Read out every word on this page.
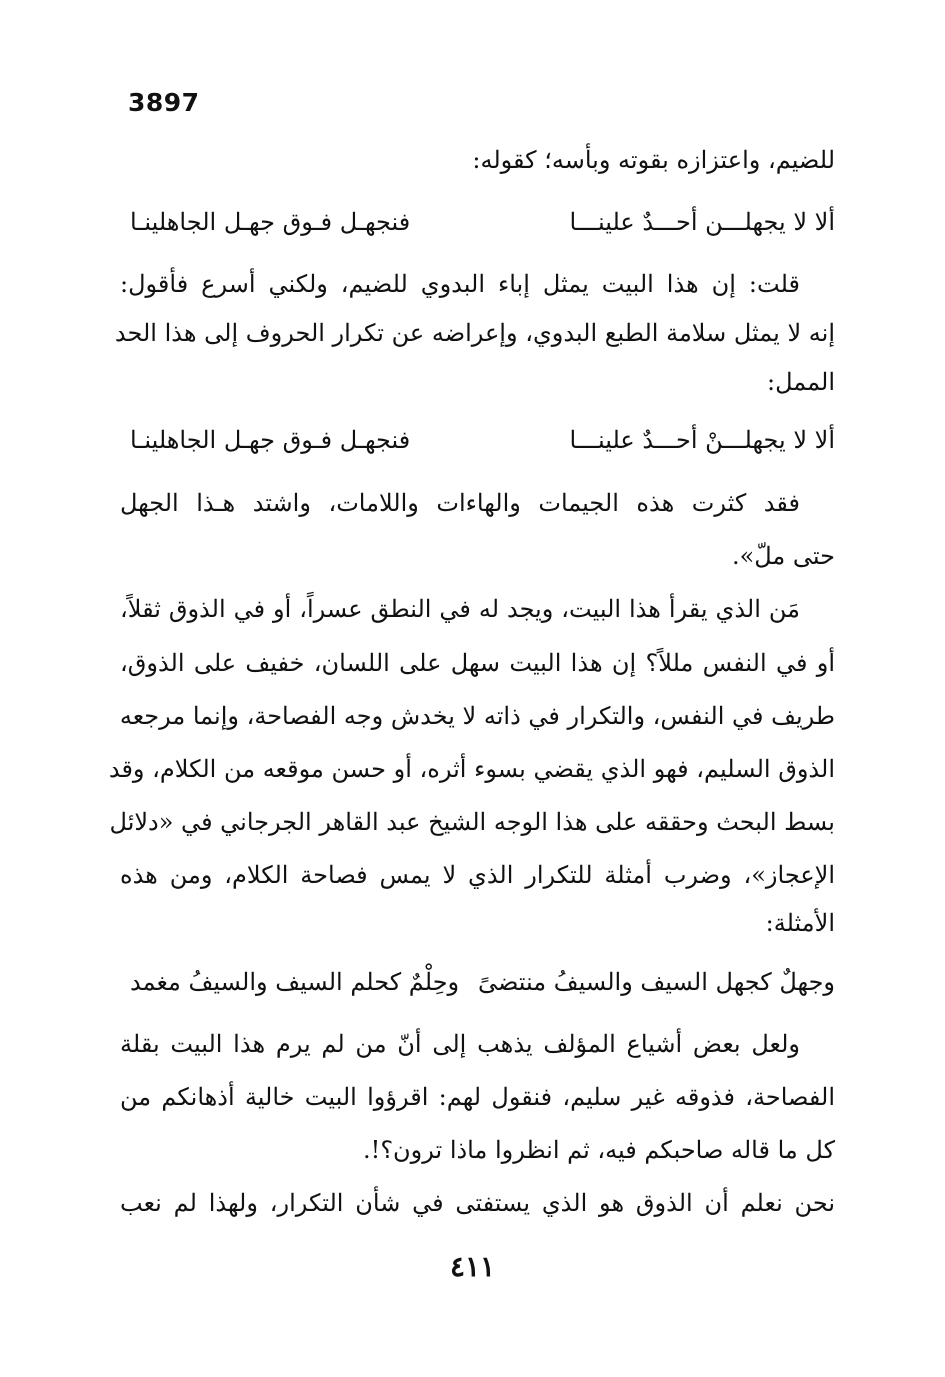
3897
للضيم، واعتزازه بقوته وبأسه؛ كقوله:
ألا لا يجهلـــن أحـــدٌ علينـــا
فنجهـل فـوق جهـل الجاهلينـا
قلت: إن هذا البيت يمثل إباء البدوي للضيم، ولكني أسرع فأقول:
إنه لا يمثل سلامة الطبع البدوي، وإعراضه عن تكرار الحروف إلى هذا الحد
الممل:
ألا لا يجهلـــنْ أحـــدٌ علينـــا
فنجهـل فـوق جهـل الجاهلينـا
فقد كثرت هذه الجيمات والهاءات واللامات، واشتد هـذا الجهل
حتى ملّ».
مَن الذي يقرأ هذا البيت، ويجد له في النطق عسراً، أو في الذوق ثقلاً،
أو في النفس مللاً؟ إن هذا البيت سهل على اللسان، خفيف على الذوق،
طريف في النفس، والتكرار في ذاته لا يخدش وجه الفصاحة، وإنما مرجعه
الذوق السليم، فهو الذي يقضي بسوء أثره، أو حسن موقعه من الكلام، وقد
بسط البحث وحققه على هذا الوجه الشيخ عبد القاهر الجرجاني في «دلائل
الإعجاز»، وضرب أمثلة للتكرار الذي لا يمس فصاحة الكلام، ومن هذه
الأمثلة:
وجهلٌ كجهل السيف والسيفُ منتضىً
وحِلْمٌ كحلم السيف والسيفُ مغمد
ولعل بعض أشياع المؤلف يذهب إلى أنّ من لم يرم هذا البيت بقلة
الفصاحة، فذوقه غير سليم، فنقول لهم: اقرؤوا البيت خالية أذهانكم من
كل ما قاله صاحبكم فيه، ثم انظروا ماذا ترون؟!.
نحن نعلم أن الذوق هو الذي يستفتى في شأن التكرار، ولهذا لم نعب
٤١١
